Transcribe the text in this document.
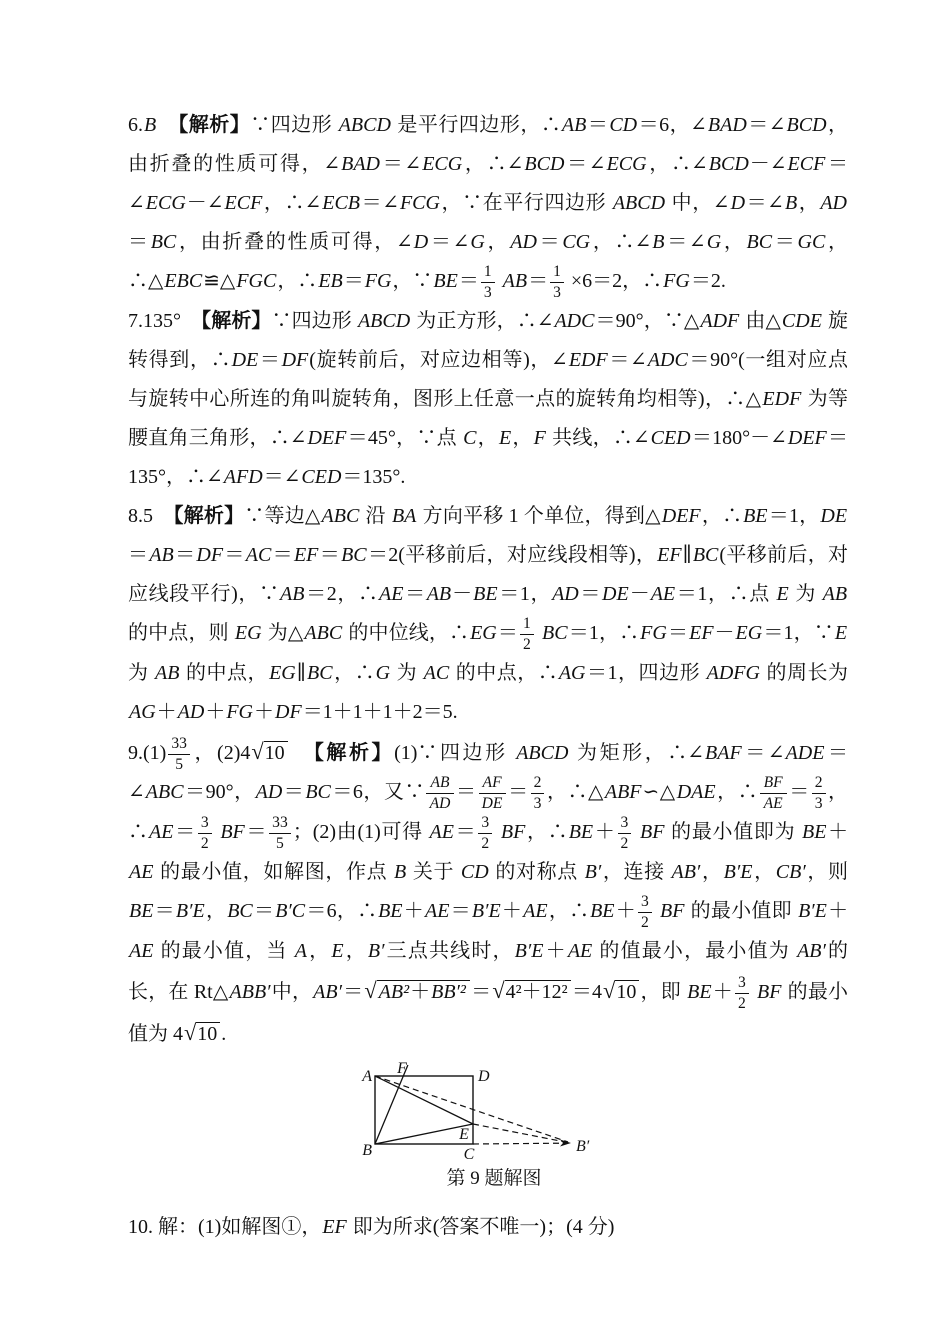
6.B　 【解析】∵四边形 ABCD 是平行四边形，∴AB＝CD＝6，∠BAD＝∠BCD，由折叠的性质可得，∠BAD＝∠ECG，∴∠BCD＝∠ECG，∴∠BCD－∠ECF＝∠ECG－∠ECF，∴∠ECB＝∠FCG，∵在平行四边形 ABCD 中，∠D＝∠B，AD＝BC，由折叠的性质可得，∠D＝∠G，AD＝CG，∴∠B＝∠G，BC＝GC，∴△EBC≌△FGC，∴EB＝FG，∵BE＝ $\frac{1}{3} AB= \frac{1}{3} \times 6=2$，∴FG＝2.

7.135°　【解析】∵四边形 ABCD 为正方形，∴∠ADC＝90°，∵△ADF 由△CDE 旋转得到，∴DE＝DF(旋转前后，对应边相等)，∠EDF＝∠ADC＝90°(一组对应点与旋转中心所连的角叫旋转角，图形上任意一点的旋转角均相等)，∴△EDF 为等腰直角三角形，∴∠DEF＝45°，∵点 C，E，F 共线，∴∠CED＝180°－∠DEF＝135°，∴∠AFD＝∠CED＝135°.

8.5　【解析】∵等边△ABC 沿 BA 方向平移 1 个单位，得到△DEF，∴BE＝1，DE＝AB＝DF＝AC＝EF＝BC＝2(平移前后，对应线段相等)，EF∥BC(平移前后，对应线段平行)，∵AB＝2，∴AE＝AB－BE＝1，AD＝DE－AE＝1，∴点 E 为 AB 的中点，则 EG 为△ABC 的中位线，∴EG＝ $\frac{1}{2} BC=1$，∴FG＝EF－EG＝1，∵E 为 AB 的中点，EG∥BC，∴G 为 AC 的中点，∴AG＝1，四边形 ADFG 的周长为 AG＋AD＋FG＋DF＝1＋1＋1＋2＝5.

$9.(1) \frac{33}{5}$ ，(2)4√10　 【解析】(1)∵四边形 ABCD 为矩形，∴∠BAF＝∠ADE＝∠ABC＝90°，AD＝BC＝6，又∵ $\frac{AB}{AD} = \frac{AF}{DE} = \frac{2}{3}$ ，∴△ABF∽△DAE，∴ $\frac{BF}{AE} = \frac{2}{3}$ ，∴AE＝ $\frac{3}{2} BF= \frac{33}{5}$ ；(2)由(1)可得 $AE= \frac{3}{2}$ BF，∴BE＋ $\frac{3}{2}$ BF 的最小值即为 BE＋AE 的最小值，如解图，作点 B 关于 CD 的对称点 B′，连接 AB′，B′E，CB′，则 BE＝B′E，BC＝B′C＝6，∴BE＋AE＝B′E＋AE，∴BE＋ $\frac{3}{2}$ BF 的最小值即 B′E＋AE 的最小值，当 A，E，B′三点共线时，B′E＋AE 的值最小，最小值为 AB′的长，在 Rt△ABB′中，AB′＝√ AB²＋BB′² ＝√4²＋12² ＝4√10 ，即 $BE+ \frac{3}{2}$ BF 的最小值为 4√10 .

A F	D
B
E
C	B′
第 9 题解图

10. 解：(1)如解图①，EF 即为所求(答案不唯一)；(4 分)
